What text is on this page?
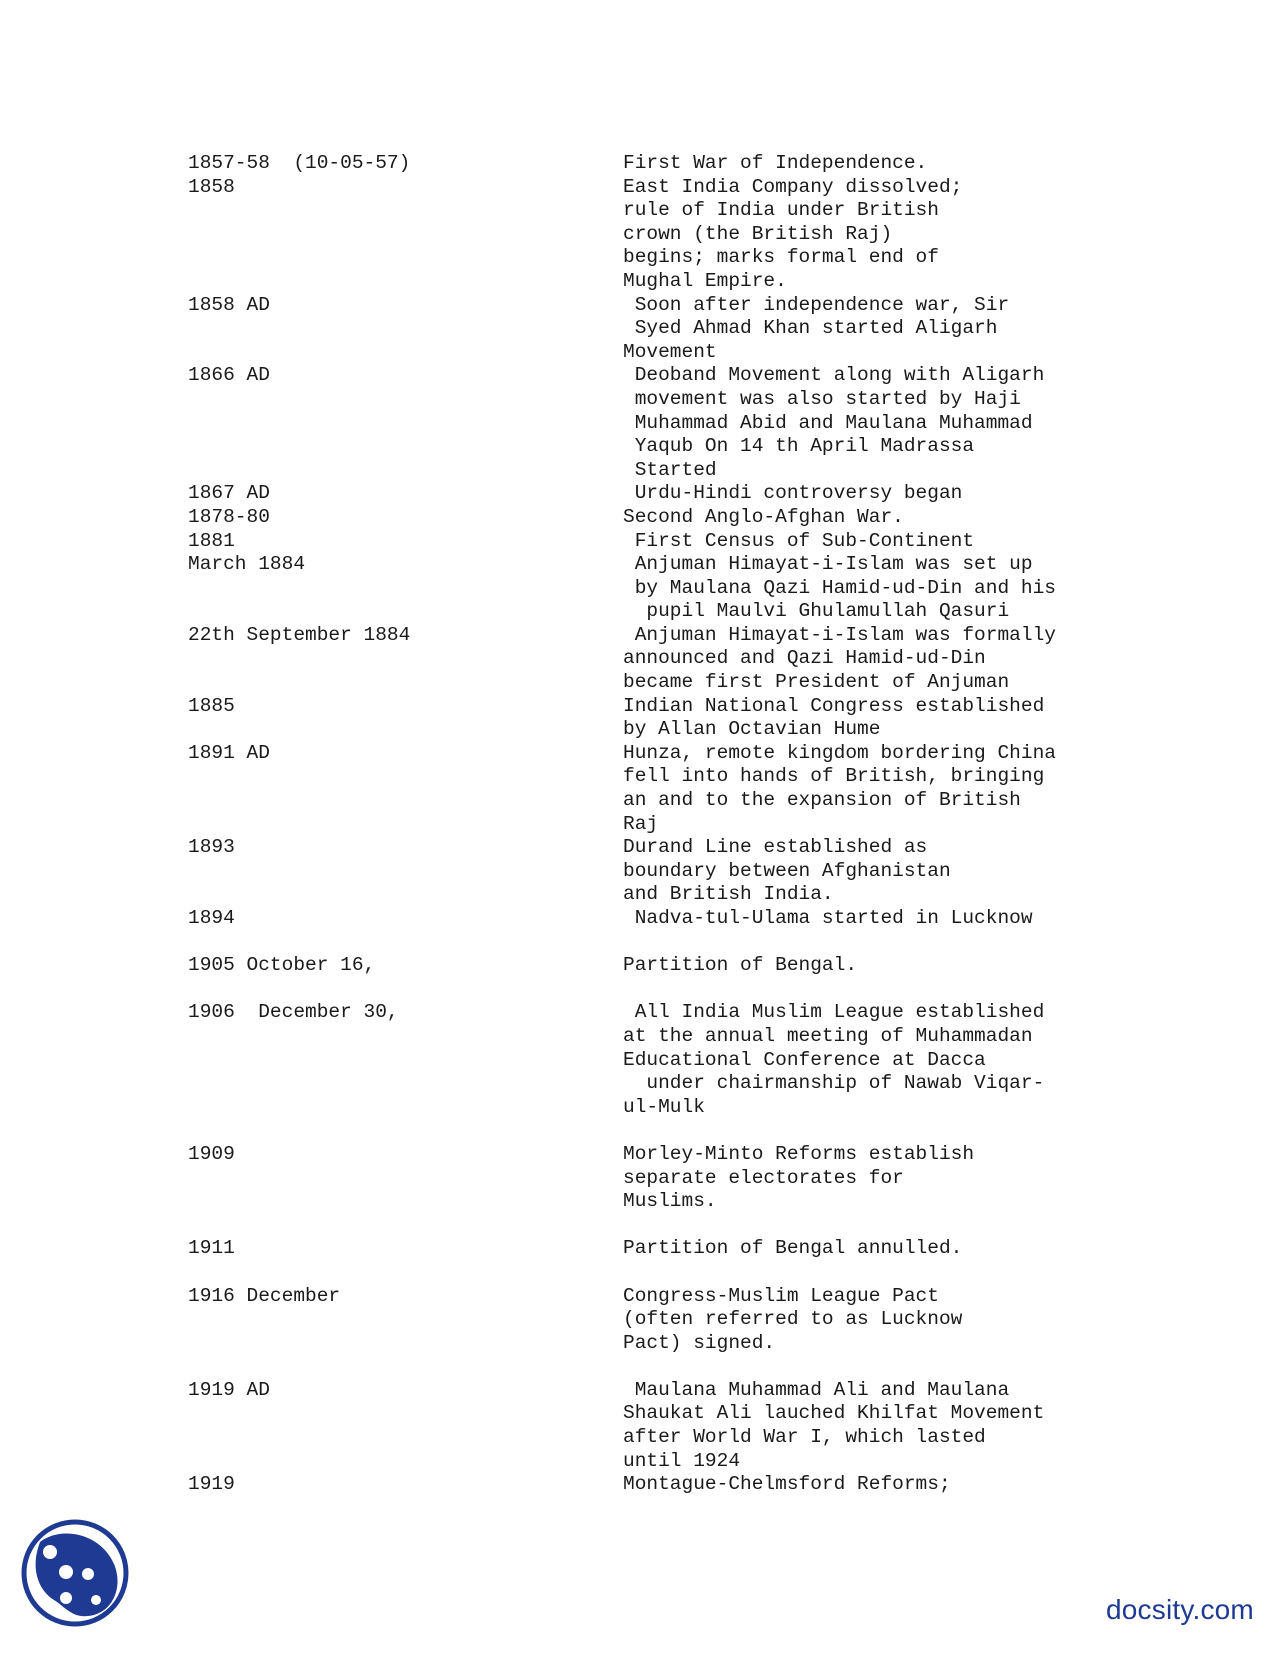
1857-58  (10-05-57)	First War of Independence.
1858	East India Company dissolved;
rule of India under British
crown (the British Raj)
begins; marks formal end of
Mughal Empire.
1858 AD	Soon after independence war, Sir
Syed Ahmad Khan started Aligarh
Movement
1866 AD	Deoband Movement along with Aligarh
movement was also started by Haji
Muhammad Abid and Maulana Muhammad
Yaqub On 14 th April Madrassa
Started
1867 AD	Urdu-Hindi controversy began
1878-80	Second Anglo-Afghan War.
1881	First Census of Sub-Continent
March 1884	Anjuman Himayat-i-Islam was set up
by Maulana Qazi Hamid-ud-Din and his
pupil Maulvi Ghulamullah Qasuri
22th September 1884	Anjuman Himayat-i-Islam was formally
announced and Qazi Hamid-ud-Din
became first President of Anjuman
1885	Indian National Congress established
by Allan Octavian Hume
1891 AD	Hunza, remote kingdom bordering China
fell into hands of British, bringing
an and to the expansion of British
Raj
1893	Durand Line established as
boundary between Afghanistan
and British India.
1894	Nadva-tul-Ulama started in Lucknow
1905 October 16,	Partition of Bengal.
1906  December 30,	All India Muslim League established
at the annual meeting of Muhammadan
Educational Conference at Dacca
under chairmanship of Nawab Viqar-
ul-Mulk
1909	Morley-Minto Reforms establish
separate electorates for
Muslims.
1911	Partition of Bengal annulled.
1916 December	Congress-Muslim League Pact
(often referred to as Lucknow
Pact) signed.
1919 AD	Maulana Muhammad Ali and Maulana
Shaukat Ali lauched Khilfat Movement
after World War I, which lasted
until 1924
1919	Montague-Chelmsford Reforms;
docsity.com
